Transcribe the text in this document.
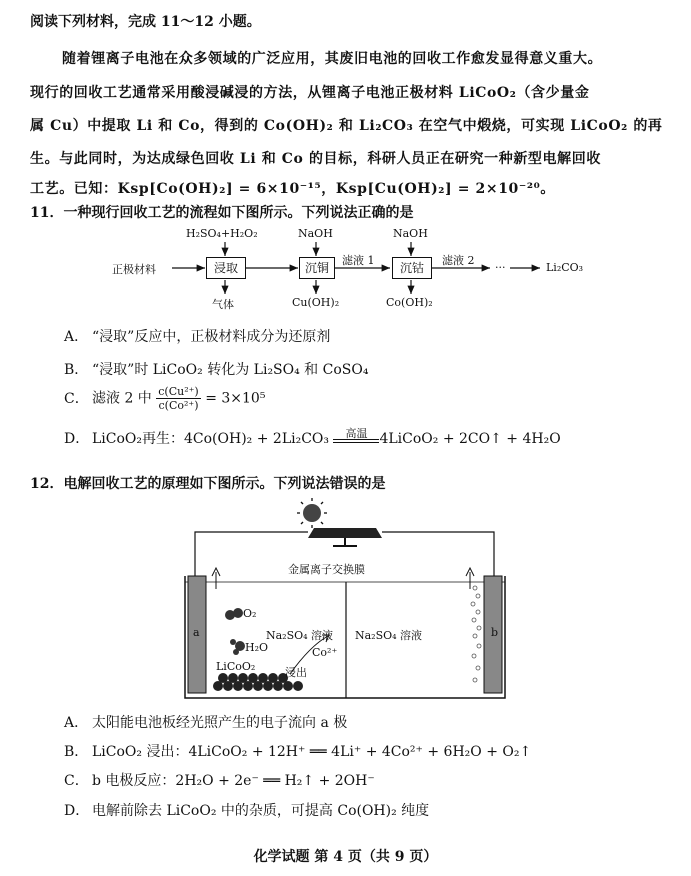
阅读下列材料，完成 11～12 小题。
随着锂离子电池在众多领域的广泛应用，其废旧电池的回收工作愈发显得意义重大。
现行的回收工艺通常采用酸浸碱浸的方法，从锂离子电池正极材料 LiCoO₂（含少量金
属 Cu）中提取 Li 和 Co，得到的 Co(OH)₂ 和 Li₂CO₃ 在空气中煅烧，可实现 LiCoO₂ 的再
生。与此同时，为达成绿色回收 Li 和 Co 的目标，科研人员正在研究一种新型电解回收
工艺。已知：Ksp[Co(OH)₂] = 6×10⁻¹⁵，Ksp[Cu(OH)₂] = 2×10⁻²⁰。
11．一种现行回收工艺的流程如下图所示。下列说法正确的是
H₂SO₄+H₂O₂	NaOH	NaOH
正极材料	浸取	沉铜	沉钴
滤液 1	滤液 2
···	Li₂CO₃
气体	Cu(OH)₂	Co(OH)₂
A． “浸取”反应中，正极材料成分为还原剂
B． “浸取”时 LiCoO₂ 转化为 Li₂SO₄ 和 CoSO₄
C． 滤液 2 中 $\frac{\text{c(Cu²⁺)}}{\text{c(Co²⁺)}} = 3\times 10^5$
D． LiCoO₂再生：4Co(OH)₂ + 2Li₂CO₃	高温 4LiCoO₂ + 2CO↑ + 4H₂O
12．电解回收工艺的原理如下图所示。下列说法错误的是
金属离子交换膜
a	b
Na₂SO₄ 溶液 Na₂SO₄ 溶液
O₂
H₂O
LiCoO₂	浸出
Co²⁺
A． 太阳能电池板经光照产生的电子流向 a 极
B． LiCoO₂ 浸出：4LiCoO₂ + 12H⁺ ══ 4Li⁺ + 4Co²⁺ + 6H₂O + O₂↑
C． b 电极反应：2H₂O + 2e⁻ ══ H₂↑ + 2OH⁻
D． 电解前除去 LiCoO₂ 中的杂质，可提高 Co(OH)₂ 纯度
化学试题 第 4 页（共 9 页）
